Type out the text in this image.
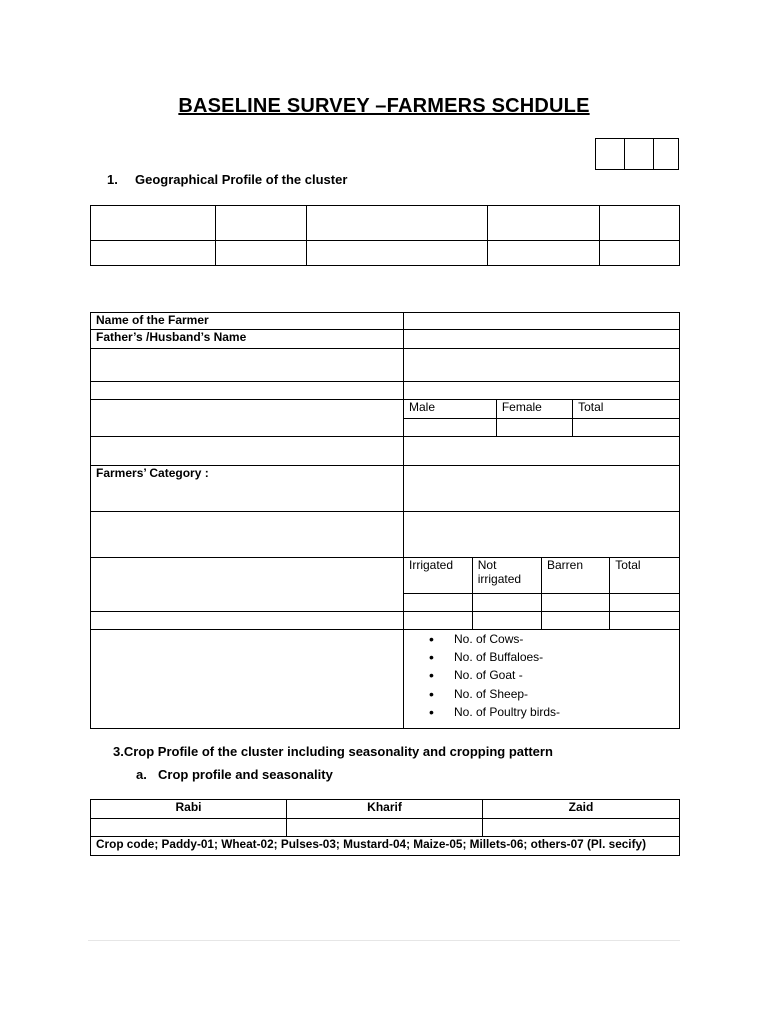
BASELINE SURVEY –FARMERS SCHDULE
1. Geographical Profile of the cluster

Name of the Farmer	
Father’s /Husband’s Name	

Male	Female	Total

Farmers’ Category :	

Irrigated	Not irrigated	Barren	Total

• No. of Cows-
• No. of Buffaloes-
• No. of Goat -
• No. of Sheep-
• No. of Poultry birds-
3.Crop Profile of the cluster including seasonality and cropping pattern
a. Crop profile and seasonality
Rabi	Kharif	Zaid

Crop code; Paddy-01; Wheat-02; Pulses-03; Mustard-04; Maize-05; Millets-06; others-07 (Pl. secify)		
